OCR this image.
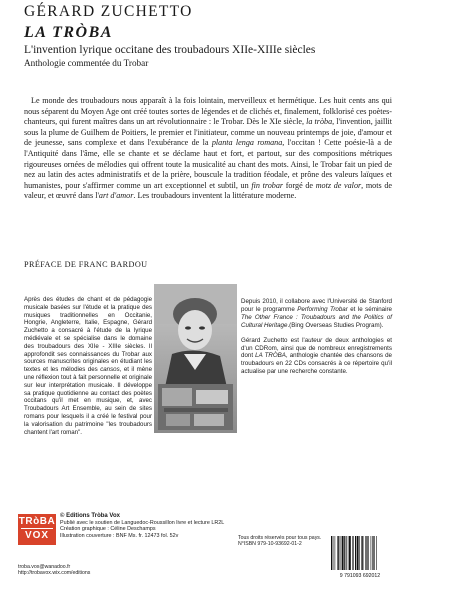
GÉRARD ZUCHETTO
LA TRÒBA
L'invention lyrique occitane des troubadours XIIe-XIIIe siècles
Anthologie commentée du Trobar
Le monde des troubadours nous apparaît à la fois lointain, merveilleux et hermétique. Les huit cents ans qui nous séparent du Moyen Age ont créé toutes sortes de légendes et de clichés et, finalement, folklorisé ces poètes-chanteurs, qui furent maîtres dans un art révolutionnaire : le Trobar. Dès le XIe siècle, la tròba, l'invention, jaillit sous la plume de Guilhem de Poitiers, le premier et l'initiateur, comme un nouveau printemps de joie, d'amour et de jeunesse, sans complexe et dans l'exubérance de la planta lenga romana, l'occitan ! Cette poésie-là a de l'Antiquité dans l'âme, elle se chante et se déclame haut et fort, et partout, sur des compositions métriques rigoureuses ornées de mélodies qui offrent toute la musicalité au chant des mots. Ainsi, le Trobar fait un pied de nez au latin des actes administratifs et de la prière, bouscule la tradition féodale, et prône des valeurs laïques et humanistes, pour s'affirmer comme un art exceptionnel et subtil, un fin trobar forgé de motz de valor, mots de valeur, et œuvré dans l'art d'amor. Les troubadours inventent la littérature moderne.
PRÉFACE DE FRANC BARDOU
Après des études de chant et de pédagogie musicale basées sur l'étude et la pratique des musiques traditionnelles en Occitanie, Hongrie, Angleterre, Italie, Espagne, Gérard Zuchetto a consacré à l'étude de la lyrique médiévale et se spécialise dans le domaine des troubadours des XIIe - XIIIe siècles. Il approfondit ses connaissances du Trobar aux sources manuscrites originales en étudiant les textes et les mélodies des cansos, et il mène une réflexion tout à fait personnelle et originale sur leur interprétation musicale. Il développe sa pratique quotidienne au contact des poètes occitans qu'il met en musique, et, avec Troubadours Art Ensemble, au sein de sites romans pour lesquels il a créé le festival pour la valorisation du patrimoine "les troubadours chantent l'art roman".

Depuis 2010, il collabore avec l'Université de Stanford pour le programme Performing Trobar et le séminaire The Other France : Troubadours and the Politics of Cultural Heritage.(Bing Overseas Studies Program).

Gérard Zuchetto est l'auteur de deux anthologies et d'un CDRom, ainsi que de nombreux enregistrements dont LA TRÒBA, anthologie chantée des chansons de troubadours en 22 CDs consacrés à ce répertoire qu'il actualise par une recherche constante.

TRòBA
VOX
© Editions Tròba Vox
Publié avec le soutien de Languedoc-Roussillon livre et lecture LR2L
Création graphique : Céline Deschamps
Illustration couverture : BNF Ms. fr. 12473 fol. 52v
troba.vox@wanadoo.fr
http://trobavox.wix.com/editions
Tous droits réservés pour tous pays.
N°ISBN 979-10-93692-01-2
9 791093 692012
